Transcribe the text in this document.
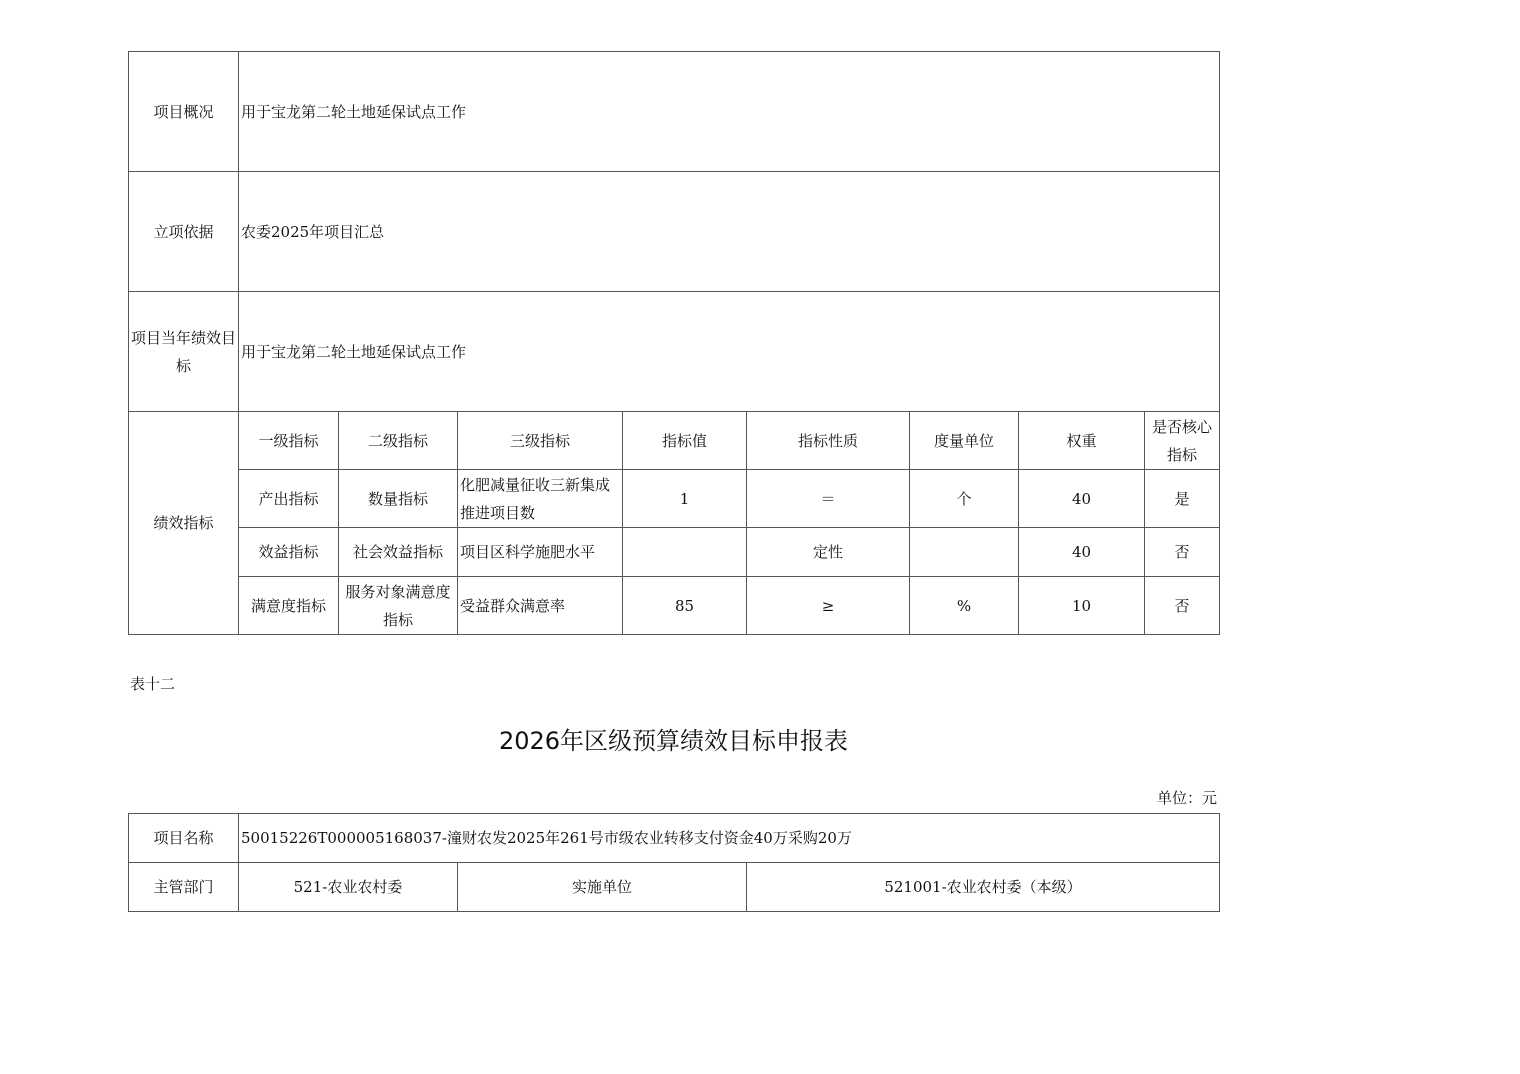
项目概况	用于宝龙第二轮土地延保试点工作							
立项依据	农委2025年项目汇总							
项目当年绩效目标	用于宝龙第二轮土地延保试点工作							
绩效指标	一级指标	二级指标	三级指标	指标值	指标性质	度量单位	权重	是否核心指标
	产出指标	数量指标	化肥减量征收三新集成推进项目数	1	＝	个	40	是
	效益指标	社会效益指标	项目区科学施肥水平		定性		40	否
	满意度指标	服务对象满意度指标	受益群众满意率	85	≥	%	10	否
表十二
2026年区级预算绩效目标申报表
单位：元
项目名称	50015226T000005168037-潼财农发2025年261号市级农业转移支付资金40万采购20万		
主管部门	521-农业农村委	实施单位	521001-农业农村委（本级）
